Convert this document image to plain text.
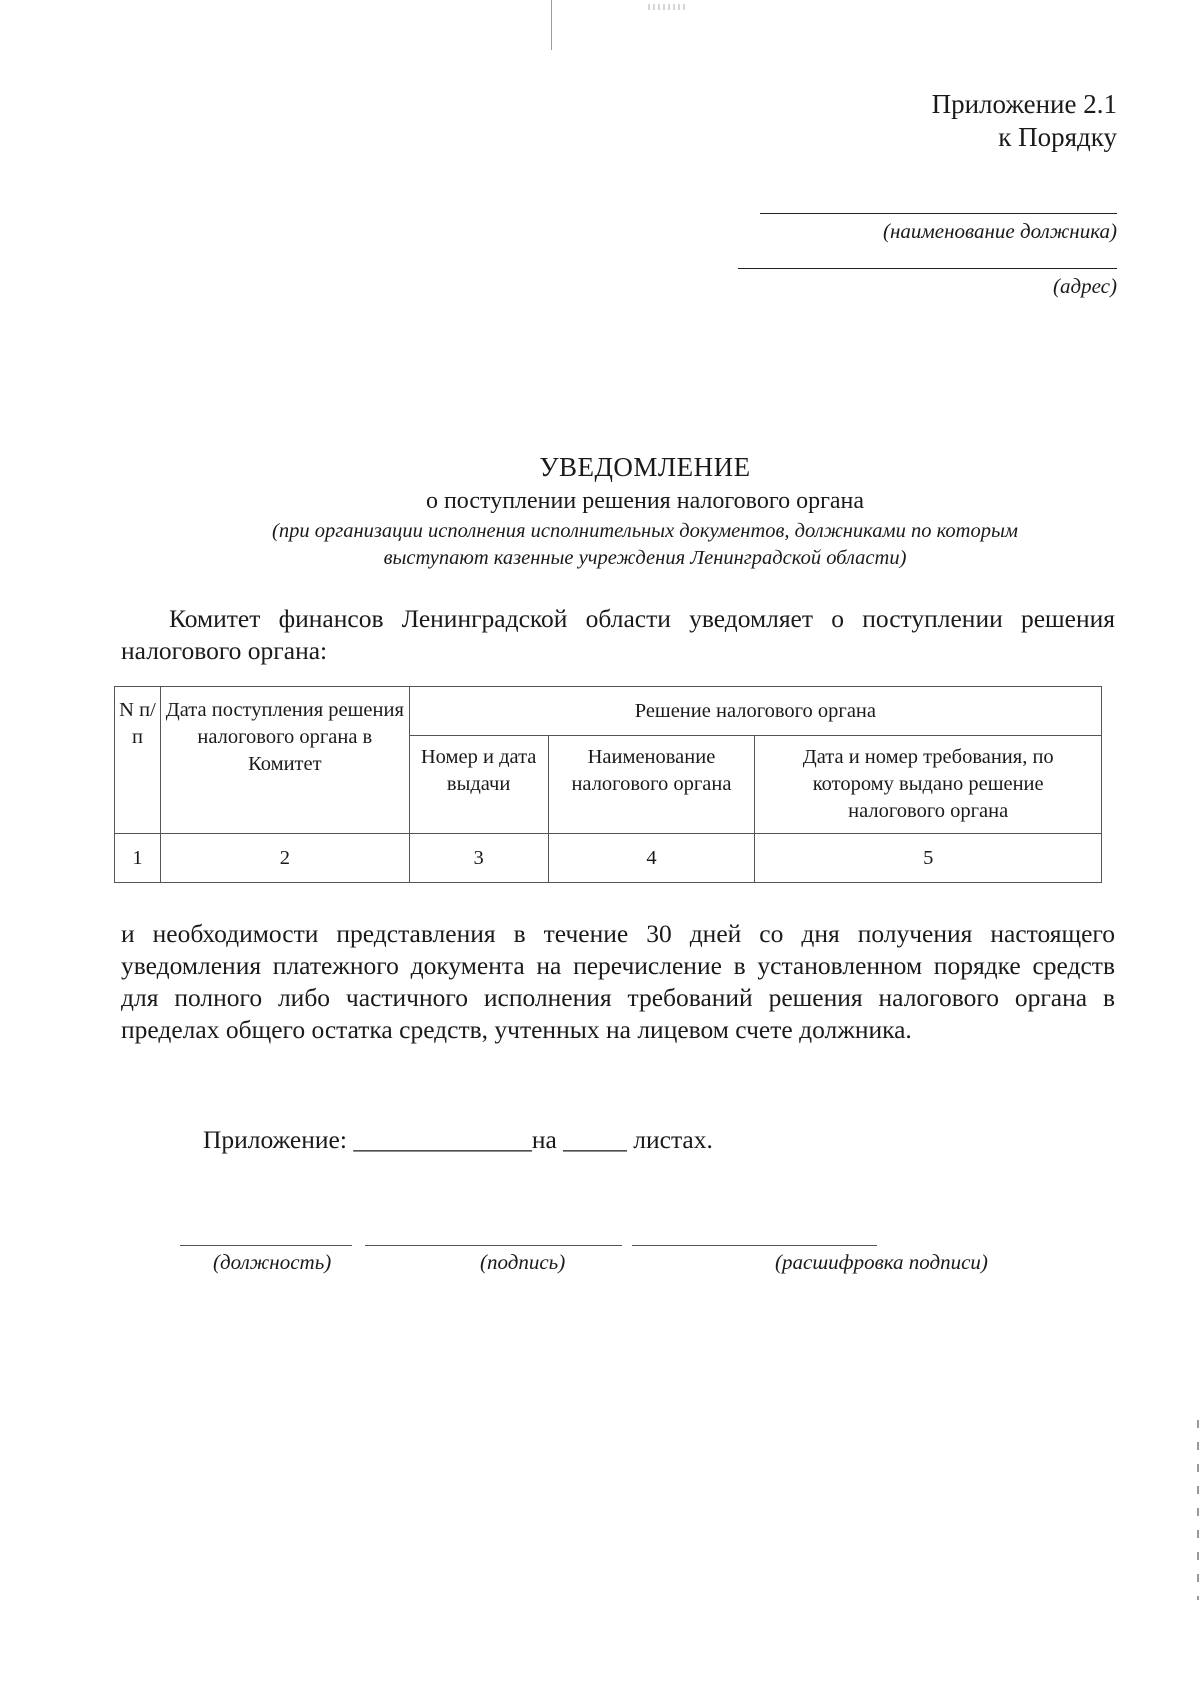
Приложение 2.1
к Порядку
(наименование должника)
(адрес)
УВЕДОМЛЕНИЕ
о поступлении решения налогового органа
(при организации исполнения исполнительных документов, должниками по которым
выступают казенные учреждения Ленинградской области)
Комитет финансов Ленинградской области уведомляет о поступлении решения налогового органа:
N п/п	Дата поступления решения налогового органа в Комитет	Решение налогового органа		
		Номер и дата выдачи	Наименование налогового органа	Дата и номер требования, по которому выдано решение налогового органа
1	2	3	4	5
и необходимости представления в течение 30 дней со дня получения настоящего уведомления платежного документа на перечисление в установленном порядке средств для полного либо частичного исполнения требований решения налогового органа в пределах общего остатка средств, учтенных на лицевом счете должника.
Приложение: ______________на _____ листах.
(должность)	(подпись)	(расшифровка подписи)
